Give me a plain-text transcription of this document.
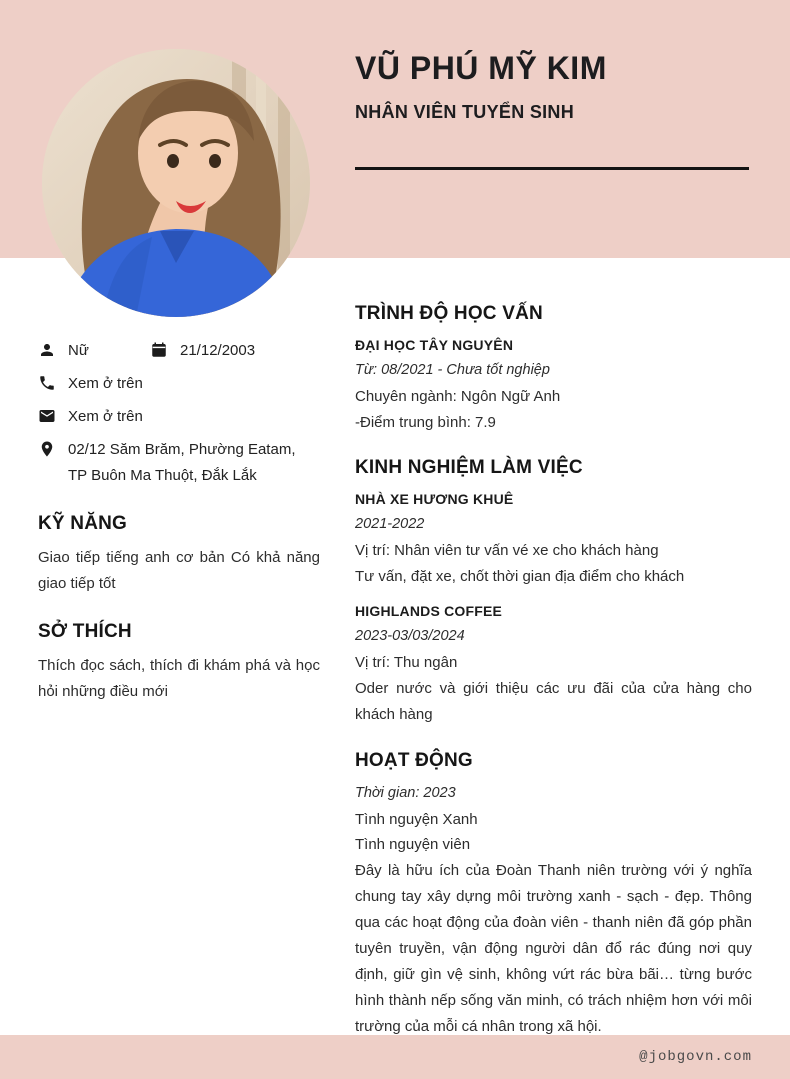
VŨ PHÚ MỸ KIM
NHÂN VIÊN TUYỂN SINH
Nữ	21/12/2003
Xem ở trên
Xem ở trên
02/12 Săm Brăm, Phường Eatam, TP Buôn Ma Thuột, Đắk Lắk
KỸ NĂNG

Giao tiếp tiếng anh cơ bản Có khả năng giao tiếp tốt

SỞ THÍCH

Thích đọc sách, thích đi khám phá và học hỏi những điều mới

TRÌNH ĐỘ HỌC VẤN
ĐẠI HỌC TÂY NGUYÊN
Từ: 08/2021 - Chưa tốt nghiệp
Chuyên ngành: Ngôn Ngữ Anh
-Điểm trung bình: 7.9
KINH NGHIỆM LÀM VIỆC
NHÀ XE HƯƠNG KHUÊ
2021-2022
Vị trí: Nhân viên tư vấn vé xe cho khách hàng
Tư vấn, đặt xe, chốt thời gian địa điểm cho khách
HIGHLANDS COFFEE
2023-03/03/2024
Vị trí: Thu ngân
Oder nước và giới thiệu các ưu đãi của cửa hàng cho khách hàng
HOẠT ĐỘNG
Thời gian: 2023
Tình nguyện Xanh
Tình nguyện viên
Đây là hữu ích của Đoàn Thanh niên trường với ý nghĩa chung tay xây dựng môi trường xanh - sạch - đẹp. Thông qua các hoạt động của đoàn viên - thanh niên đã góp phần tuyên truyền, vận động người dân đổ rác đúng nơi quy định, giữ gìn vệ sinh, không vứt rác bừa bãi… từng bước hình thành nếp sống văn minh, có trách nhiệm hơn với môi trường của mỗi cá nhân trong xã hội.
@jobgovn.com
